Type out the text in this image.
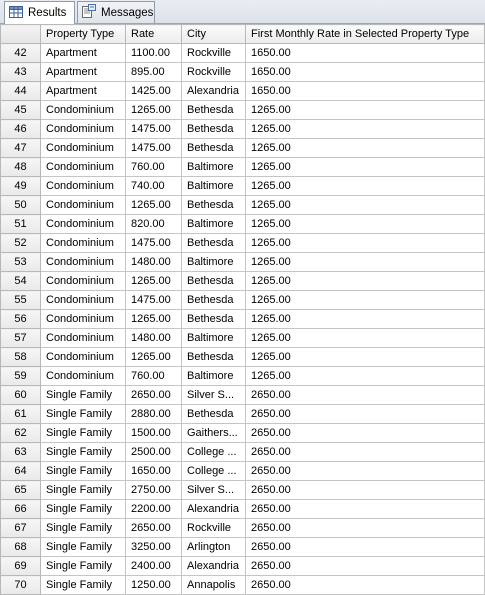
Results	Messages
	Property Type	Rate	City	First Monthly Rate in Selected Property Type
42	Apartment	1100.00	Rockville	1650.00
43	Apartment	895.00	Rockville	1650.00
44	Apartment	1425.00	Alexandria	1650.00
45	Condominium	1265.00	Bethesda	1265.00
46	Condominium	1475.00	Bethesda	1265.00
47	Condominium	1475.00	Bethesda	1265.00
48	Condominium	760.00	Baltimore	1265.00
49	Condominium	740.00	Baltimore	1265.00
50	Condominium	1265.00	Bethesda	1265.00
51	Condominium	820.00	Baltimore	1265.00
52	Condominium	1475.00	Bethesda	1265.00
53	Condominium	1480.00	Baltimore	1265.00
54	Condominium	1265.00	Bethesda	1265.00
55	Condominium	1475.00	Bethesda	1265.00
56	Condominium	1265.00	Bethesda	1265.00
57	Condominium	1480.00	Baltimore	1265.00
58	Condominium	1265.00	Bethesda	1265.00
59	Condominium	760.00	Baltimore	1265.00
60	Single Family	2650.00	Silver S...	2650.00
61	Single Family	2880.00	Bethesda	2650.00
62	Single Family	1500.00	Gaithers...	2650.00
63	Single Family	2500.00	College ...	2650.00
64	Single Family	1650.00	College ...	2650.00
65	Single Family	2750.00	Silver S...	2650.00
66	Single Family	2200.00	Alexandria	2650.00
67	Single Family	2650.00	Rockville	2650.00
68	Single Family	3250.00	Arlington	2650.00
69	Single Family	2400.00	Alexandria	2650.00
70	Single Family	1250.00	Annapolis	2650.00
